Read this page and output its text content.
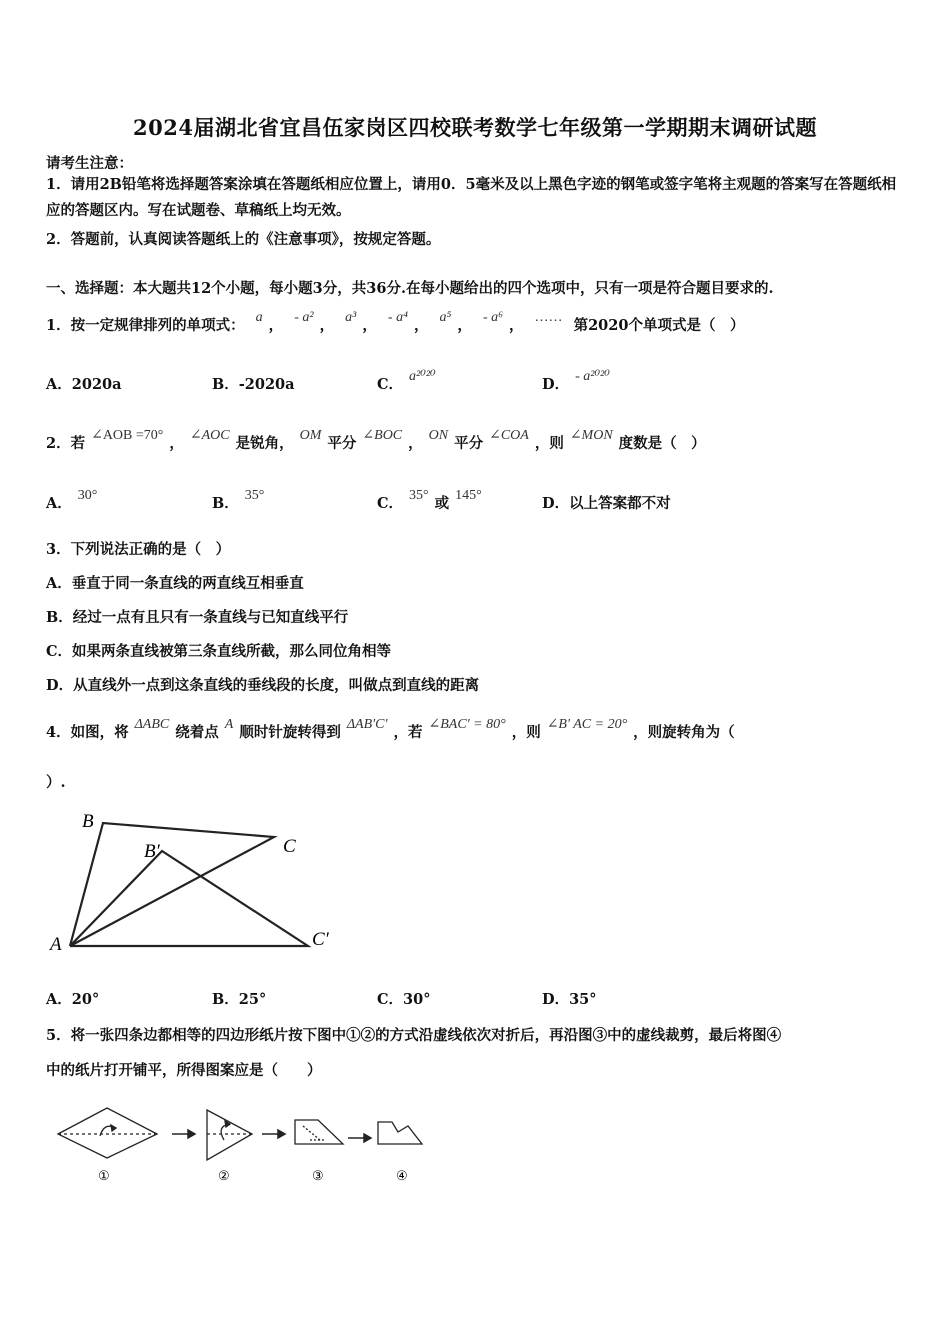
2024届湖北省宜昌伍家岗区四校联考数学七年级第一学期期末调研试题
请考生注意：
1．请用2B铅笔将选择题答案涂填在答题纸相应位置上，请用0．5毫米及以上黑色字迹的钢笔或签字笔将主观题的答案写在答题纸相应的答题区内。写在试题卷、草稿纸上均无效。
2．答题前，认真阅读答题纸上的《注意事项》，按规定答题。
一、选择题：本大题共12个小题，每小题3分，共36分.在每小题给出的四个选项中，只有一项是符合题目要求的.
1．按一定规律排列的单项式： a ， - a² ， a³ ， - a⁴ ， a⁵ ， - a⁶ ， …… 第2020个单项式是（　）
A．2020a	B．-2020a	C． a²⁰²⁰	D． - a²⁰²⁰
2．若 ∠AOB =70° ， ∠AOC 是锐角， OM 平分 ∠BOC ， ON 平分 ∠COA ，则 ∠MON 度数是（　）
A． 30°	B． 35°	C． 35° 或 145°	D．以上答案都不对
3．下列说法正确的是（　）
A．垂直于同一条直线的两直线互相垂直
B．经过一点有且只有一条直线与已知直线平行
C．如果两条直线被第三条直线所截，那么同位角相等
D．从直线外一点到这条直线的垂线段的长度，叫做点到直线的距离
4．如图，将 ΔABC 绕着点 A 顺时针旋转得到 ΔAB'C' ，若 ∠BAC' = 80° ，则 ∠B' AC = 20° ，则旋转角为（
）.
B
C
B′
C′
A
A．20°	B．25°	C．30°	D．35°
5．将一张四条边都相等的四边形纸片按下图中①②的方式沿虚线依次对折后，再沿图③中的虚线裁剪，最后将图④
中的纸片打开铺平，所得图案应是（　　）
①	②	③	④
